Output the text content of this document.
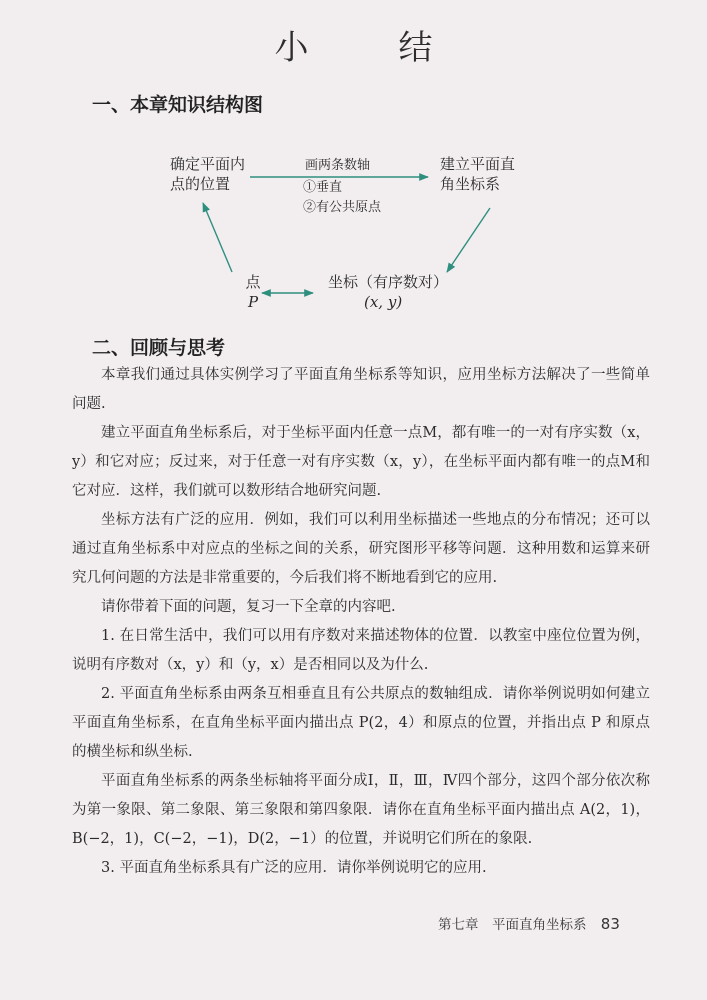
小　结
一、本章知识结构图
确定平面内
点的位置
画两条数轴
①垂直
②有公共原点
建立平面直
角坐标系
点
P
坐标（有序数对）
(x, y)
二、回顾与思考

本章我们通过具体实例学习了平面直角坐标系等知识，应用坐标方法解决了一些简单问题.

建立平面直角坐标系后，对于坐标平面内任意一点M，都有唯一的一对有序实数（x，y）和它对应；反过来，对于任意一对有序实数（x，y），在坐标平面内都有唯一的点M和它对应．这样，我们就可以数形结合地研究问题.

坐标方法有广泛的应用．例如，我们可以利用坐标描述一些地点的分布情况；还可以通过直角坐标系中对应点的坐标之间的关系，研究图形平移等问题．这种用数和运算来研究几何问题的方法是非常重要的，今后我们将不断地看到它的应用.

请你带着下面的问题，复习一下全章的内容吧.

1. 在日常生活中，我们可以用有序数对来描述物体的位置．以教室中座位位置为例，说明有序数对（x，y）和（y，x）是否相同以及为什么.

2. 平面直角坐标系由两条互相垂直且有公共原点的数轴组成．请你举例说明如何建立平面直角坐标系，在直角坐标平面内描出点 P(2，4）和原点的位置，并指出点 P 和原点的横坐标和纵坐标.

平面直角坐标系的两条坐标轴将平面分成Ⅰ，Ⅱ，Ⅲ，Ⅳ四个部分，这四个部分依次称为第一象限、第二象限、第三象限和第四象限．请你在直角坐标平面内描出点 A(2，1)，B(−2，1)，C(−2，−1)，D(2，−1）的位置，并说明它们所在的象限.

3. 平面直角坐标系具有广泛的应用．请你举例说明它的应用.

第七章　平面直角坐标系 83
